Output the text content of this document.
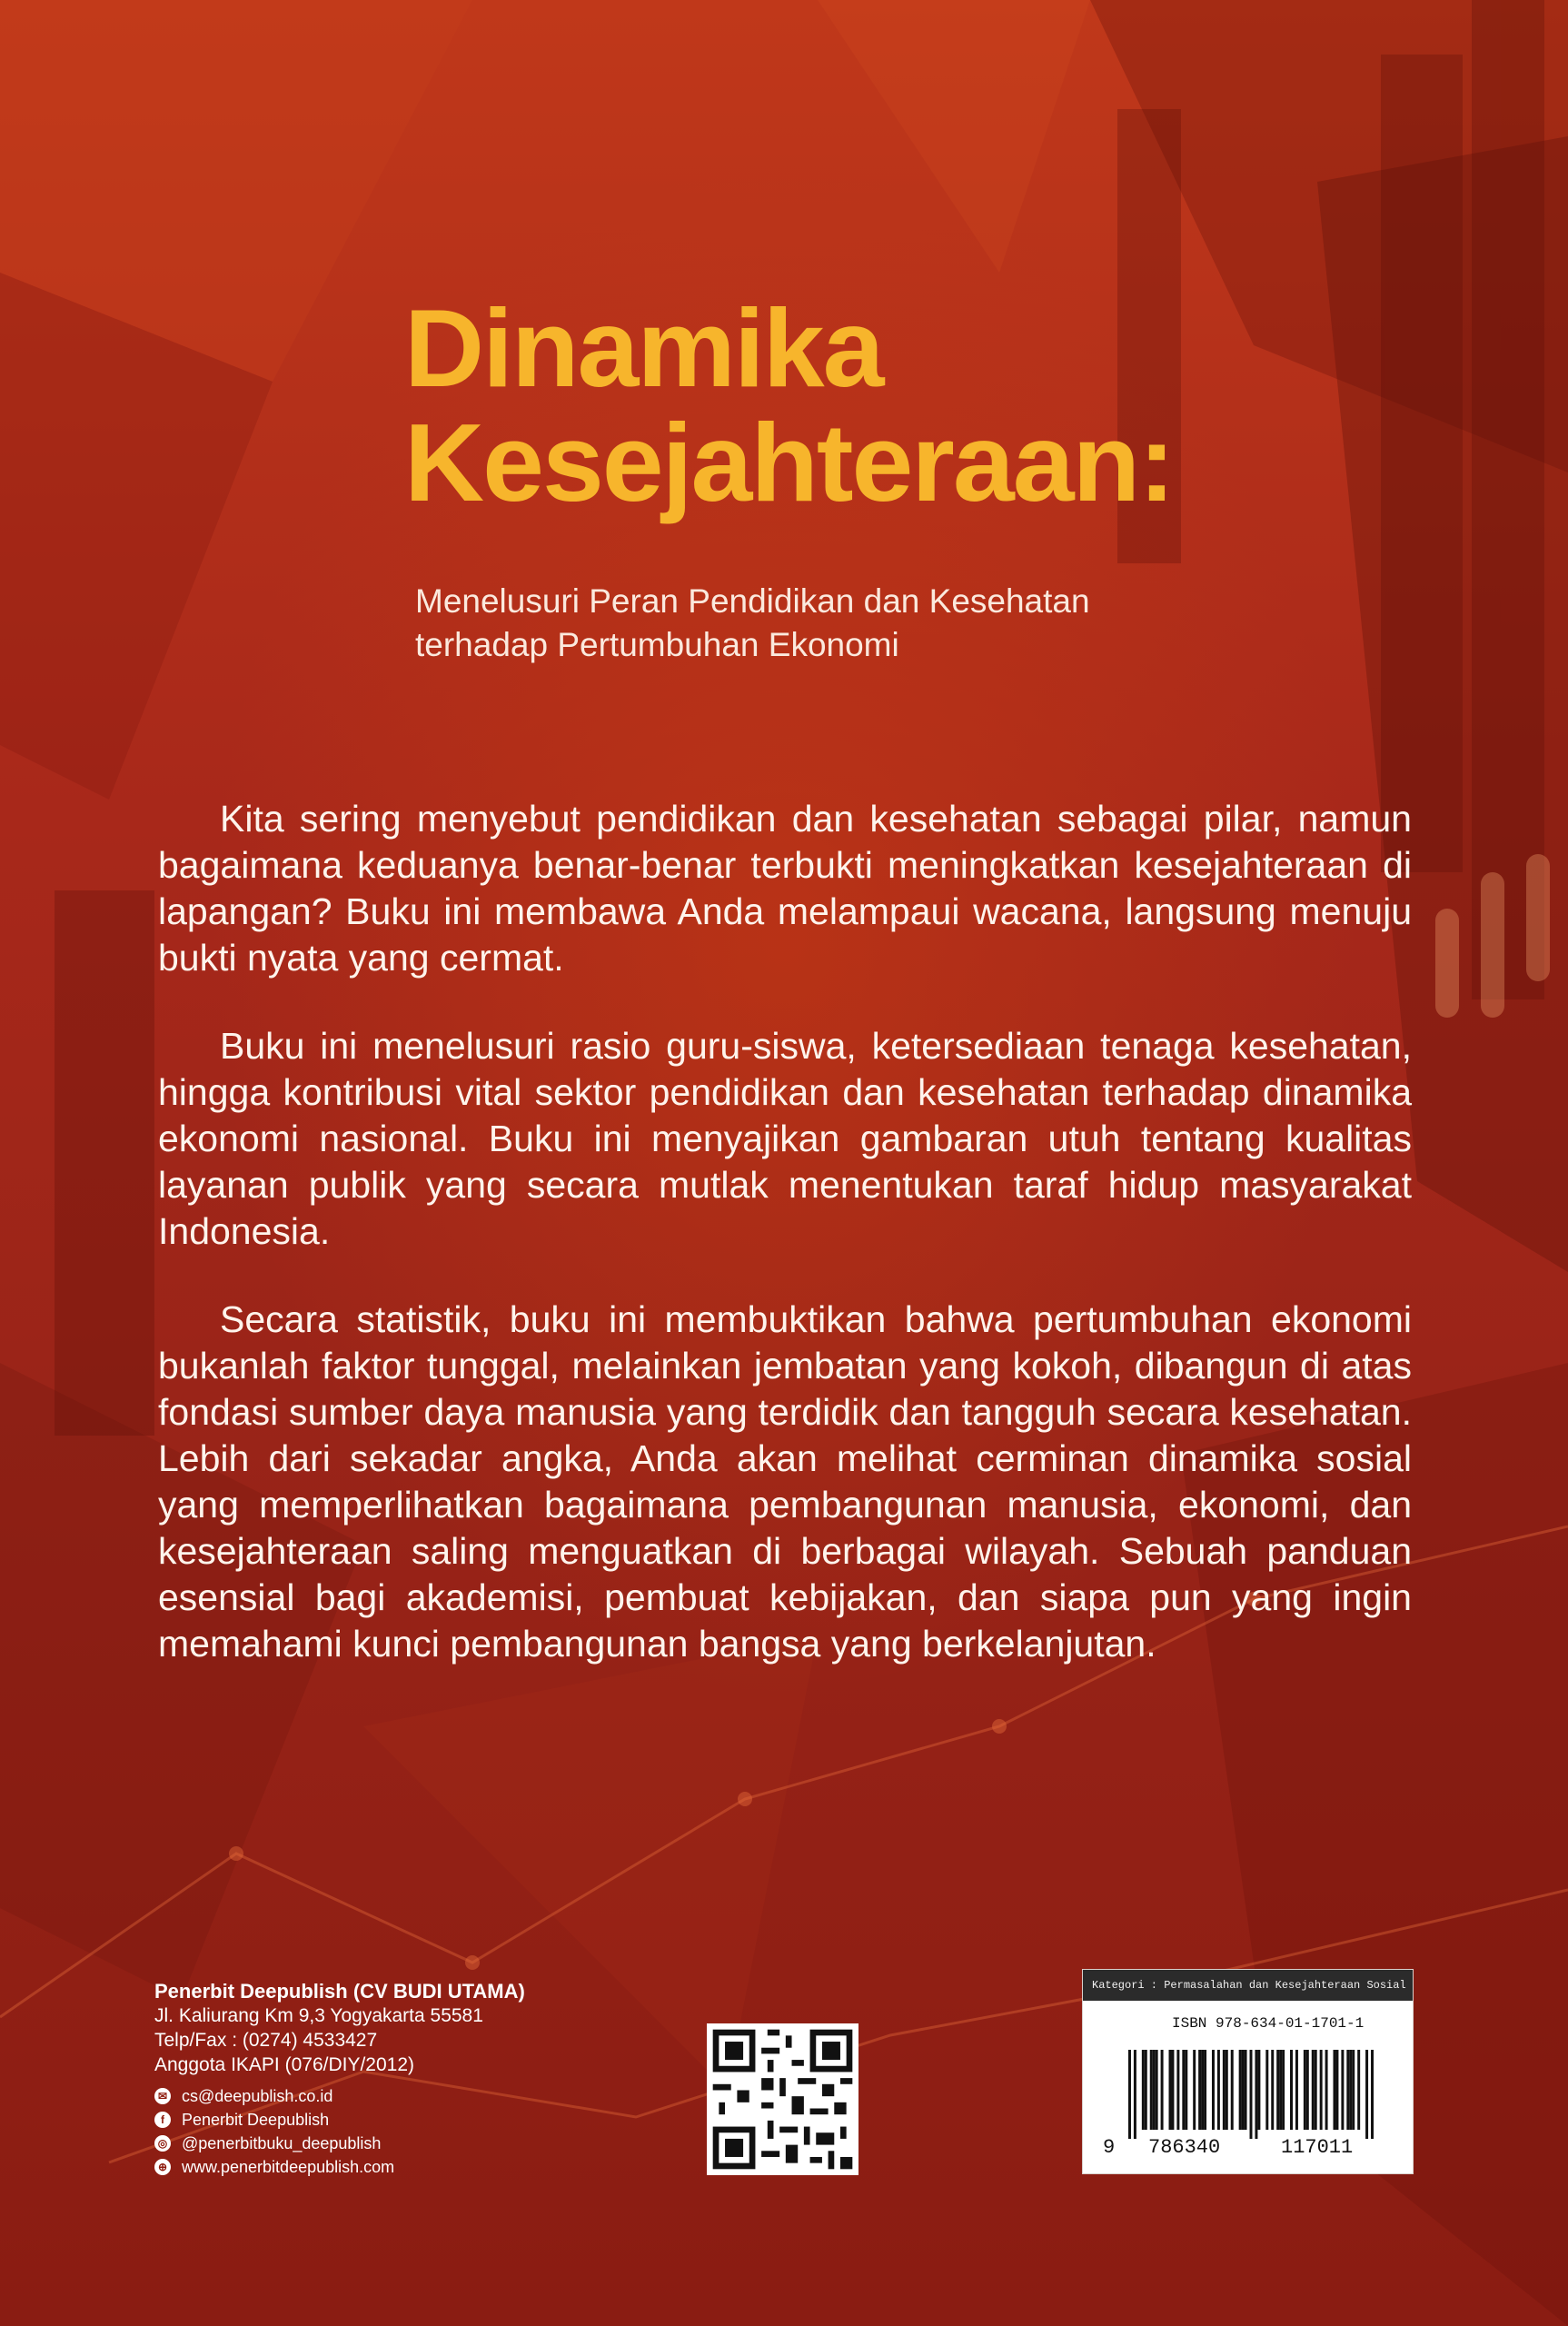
Dinamika
Kesejahteraan:
Menelusuri Peran Pendidikan dan Kesehatan
terhadap Pertumbuhan Ekonomi

Kita sering menyebut pendidikan dan kesehatan sebagai pilar, namun bagaimana keduanya benar-benar terbukti meningkatkan kesejahteraan di lapangan? Buku ini membawa Anda melampaui wacana, langsung menuju bukti nyata yang cermat.

Buku ini menelusuri rasio guru-siswa, ketersediaan tenaga kesehatan, hingga kontribusi vital sektor pendidikan dan kesehatan terhadap dinamika ekonomi nasional. Buku ini menyajikan gambaran utuh tentang kualitas layanan publik yang secara mutlak menentukan taraf hidup masyarakat Indonesia.

Secara statistik, buku ini membuktikan bahwa pertumbuhan ekonomi bukanlah faktor tunggal, melainkan jembatan yang kokoh, dibangun di atas fondasi sumber daya manusia yang terdidik dan tangguh secara kesehatan. Lebih dari sekadar angka, Anda akan melihat cerminan dinamika sosial yang memperlihatkan bagaimana pembangunan manusia, ekonomi, dan kesejahteraan saling menguatkan di berbagai wilayah. Sebuah panduan esensial bagi akademisi, pembuat kebijakan, dan siapa pun yang ingin memahami kunci pembangunan bangsa yang berkelanjutan.

Penerbit Deepublish (CV BUDI UTAMA)
Jl. Kaliurang Km 9,3 Yogyakarta 55581
Telp/Fax : (0274) 4533427
Anggota IKAPI (076/DIY/2012)
✉ cs@deepublish.co.id
f	Penerbit Deepublish
◎ @penerbitbuku_deepublish
⊕ www.penerbitdeepublish.com
Kategori : Permasalahan dan Kesejahteraan Sosial
ISBN 978-634-01-1701-1
9 786340	117011
